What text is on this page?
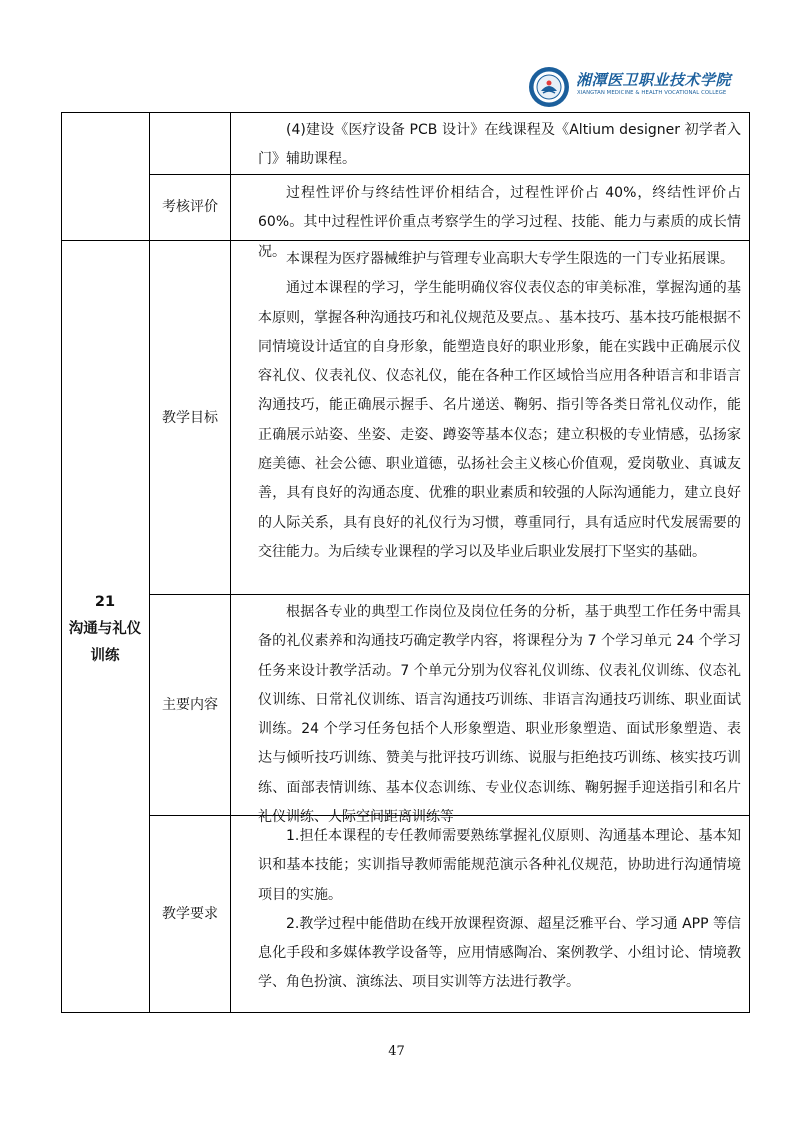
湘潭医卫职业技术学院
XIANGTAN MEDICINE & HEALTH VOCATIONAL COLLEGE

(4)建设《医疗设备 PCB 设计》在线课程及《Altium designer 初学者入门》辅助课程。

考核评价

过程性评价与终结性评价相结合，过程性评价占 40%，终结性评价占 60%。其中过程性评价重点考察学生的学习过程、技能、能力与素质的成长情况。

21
沟通与礼仪
训练
教学目标

本课程为医疗器械维护与管理专业高职大专学生限选的一门专业拓展课。

通过本课程的学习，学生能明确仪容仪表仪态的审美标准，掌握沟通的基本原则，掌握各种沟通技巧和礼仪规范及要点。、基本技巧、基本技巧能根据不同情境设计适宜的自身形象，能塑造良好的职业形象，能在实践中正确展示仪容礼仪、仪表礼仪、仪态礼仪，能在各种工作区域恰当应用各种语言和非语言沟通技巧，能正确展示握手、名片递送、鞠躬、指引等各类日常礼仪动作，能正确展示站姿、坐姿、走姿、蹲姿等基本仪态；建立积极的专业情感，弘扬家庭美德、社会公德、职业道德，弘扬社会主义核心价值观，爱岗敬业、真诚友善，具有良好的沟通态度、优雅的职业素质和较强的人际沟通能力，建立良好的人际关系，具有良好的礼仪行为习惯，尊重同行，具有适应时代发展需要的交往能力。为后续专业课程的学习以及毕业后职业发展打下坚实的基础。

主要内容

根据各专业的典型工作岗位及岗位任务的分析，基于典型工作任务中需具备的礼仪素养和沟通技巧确定教学内容，将课程分为 7 个学习单元 24 个学习任务来设计教学活动。7 个单元分别为仪容礼仪训练、仪表礼仪训练、仪态礼仪训练、日常礼仪训练、语言沟通技巧训练、非语言沟通技巧训练、职业面试训练。24 个学习任务包括个人形象塑造、职业形象塑造、面试形象塑造、表达与倾听技巧训练、赞美与批评技巧训练、说服与拒绝技巧训练、核实技巧训练、面部表情训练、基本仪态训练、专业仪态训练、鞠躬握手迎送指引和名片礼仪训练、人际空间距离训练等

教学要求

1.担任本课程的专任教师需要熟练掌握礼仪原则、沟通基本理论、基本知识和基本技能；实训指导教师需能规范演示各种礼仪规范，协助进行沟通情境项目的实施。

2.教学过程中能借助在线开放课程资源、超星泛雅平台、学习通 APP 等信息化手段和多媒体教学设备等，应用情感陶冶、案例教学、小组讨论、情境教学、角色扮演、演练法、项目实训等方法进行教学。

47
